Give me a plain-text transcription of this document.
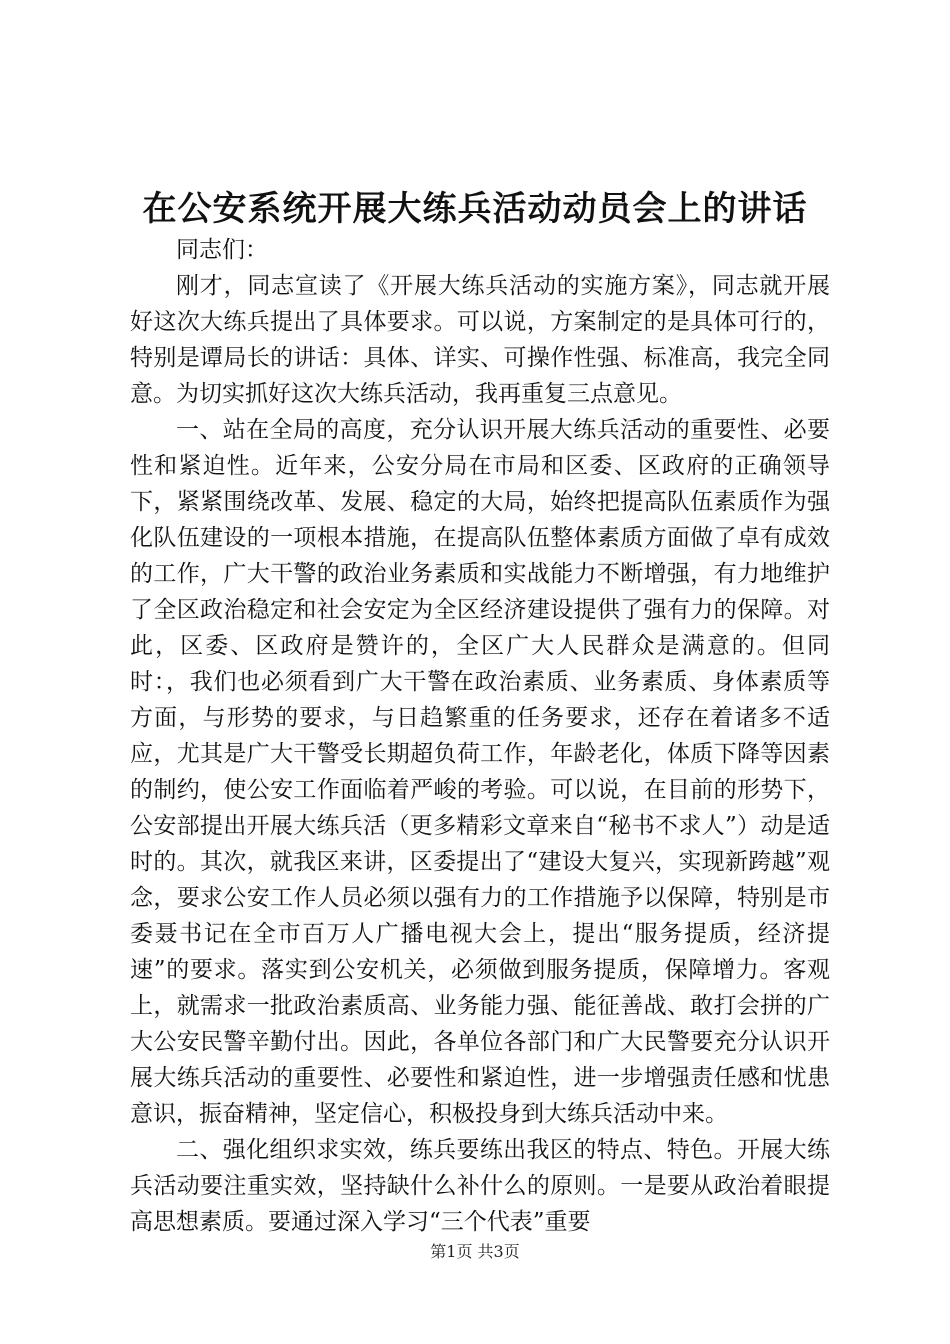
在公安系统开展大练兵活动动员会上的讲话

同志们：

刚才，同志宣读了《开展大练兵活动的实施方案》，同志就开展好这次大练兵提出了具体要求。可以说，方案制定的是具体可行的，特别是谭局长的讲话：具体、详实、可操作性强、标准高，我完全同意。为切实抓好这次大练兵活动，我再重复三点意见。

一、站在全局的高度，充分认识开展大练兵活动的重要性、必要性和紧迫性。近年来，公安分局在市局和区委、区政府的正确领导下，紧紧围绕改革、发展、稳定的大局，始终把提高队伍素质作为强化队伍建设的一项根本措施，在提高队伍整体素质方面做了卓有成效的工作，广大干警的政治业务素质和实战能力不断增强，有力地维护了全区政治稳定和社会安定为全区经济建设提供了强有力的保障。对此，区委、区政府是赞许的，全区广大人民群众是满意的。但同时：，我们也必须看到广大干警在政治素质、业务素质、身体素质等方面，与形势的要求，与日趋繁重的任务要求，还存在着诸多不适应，尤其是广大干警受长期超负荷工作，年龄老化，体质下降等因素的制约，使公安工作面临着严峻的考验。可以说，在目前的形势下，公安部提出开展大练兵活（更多精彩文章来自“秘书不求人”）动是适时的。其次，就我区来讲，区委提出了“建设大复兴，实现新跨越”观念，要求公安工作人员必须以强有力的工作措施予以保障，特别是市委聂书记在全市百万人广播电视大会上，提出“服务提质，经济提速”的要求。落实到公安机关，必须做到服务提质，保障增力。客观上，就需求一批政治素质高、业务能力强、能征善战、敢打会拼的广大公安民警辛勤付出。因此，各单位各部门和广大民警要充分认识开展大练兵活动的重要性、必要性和紧迫性，进一步增强责任感和忧患意识，振奋精神，坚定信心，积极投身到大练兵活动中来。

二、强化组织求实效，练兵要练出我区的特点、特色。开展大练兵活动要注重实效，坚持缺什么补什么的原则。一是要从政治着眼提高思想素质。要通过深入学习“三个代表”重要

第1页 共3页
